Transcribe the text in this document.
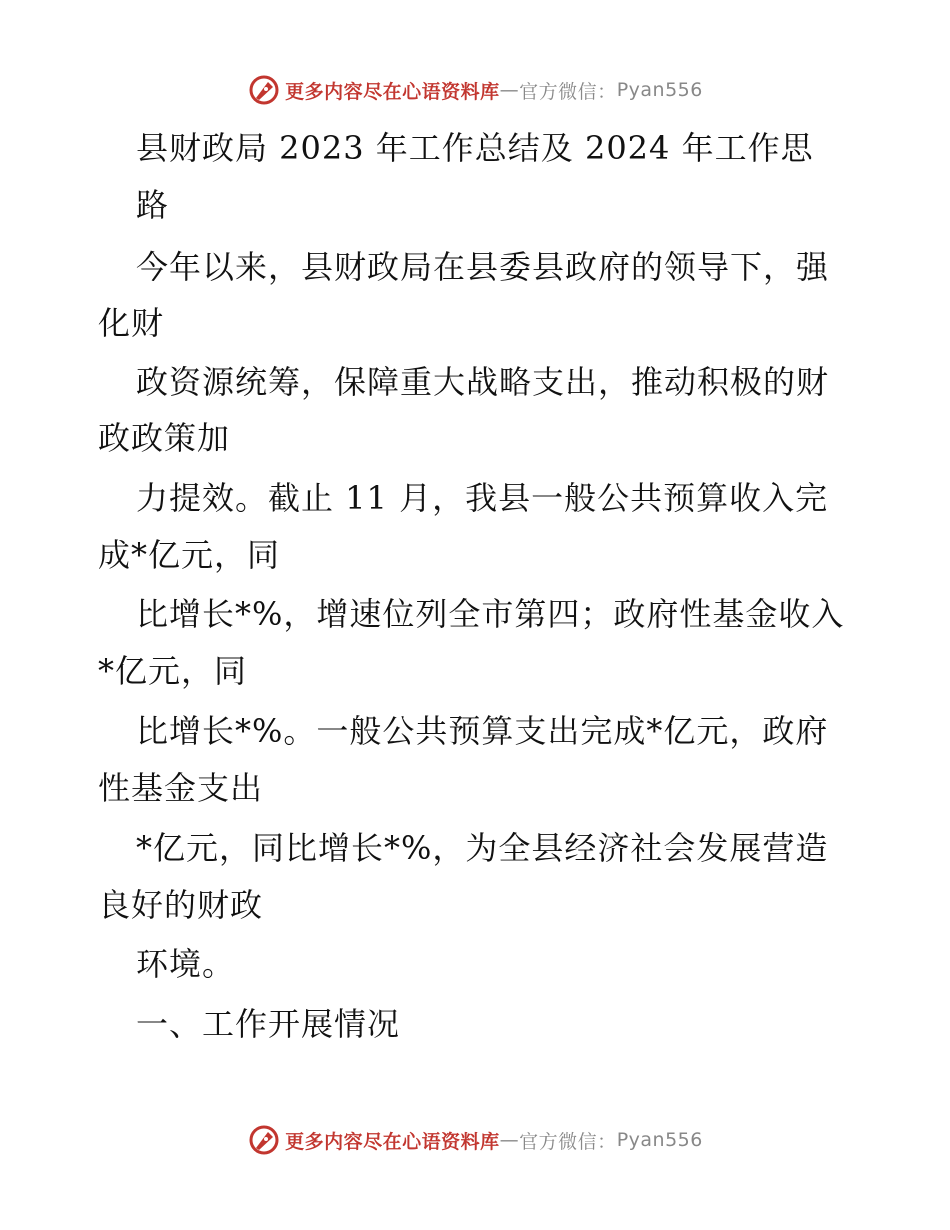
更多内容尽在心语资料库 — 官方微信： Pyan556
县财政局 2023 年工作总结及 2024 年工作思
路
今年以来，县财政局在县委县政府的领导下，强
化财
政资源统筹，保障重大战略支出，推动积极的财
政政策加
力提效。截止 11 月，我县一般公共预算收入完
成*亿元，同
比增长*%，增速位列全市第四；政府性基金收入
*亿元，同
比增长*%。一般公共预算支出完成*亿元，政府
性基金支出
*亿元，同比增长*%，为全县经济社会发展营造
良好的财政
环境。
一、工作开展情况
更多内容尽在心语资料库 — 官方微信： Pyan556
